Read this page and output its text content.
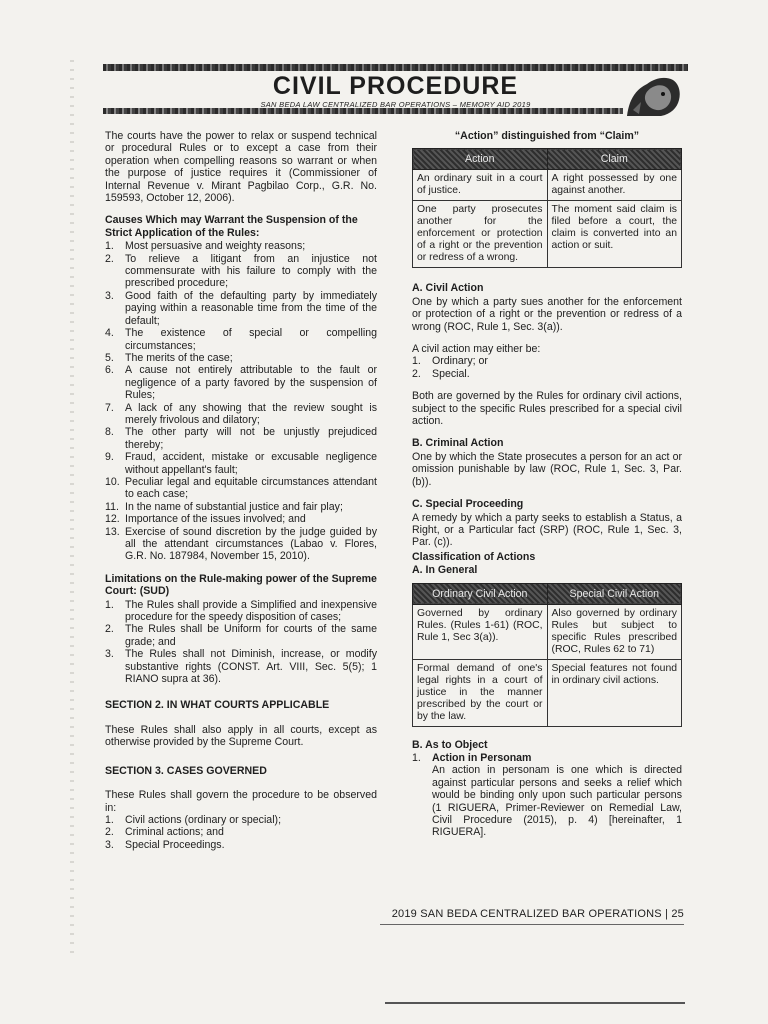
CIVIL PROCEDURE
SAN BEDA LAW CENTRALIZED BAR OPERATIONS – MEMORY AID 2019

The courts have the power to relax or suspend technical or procedural Rules or to except a case from their operation when compelling reasons so warrant or when the purpose of justice requires it (Commissioner of Internal Revenue v. Mirant Pagbilao Corp., G.R. No. 159593, October 12, 2006).

Causes Which may Warrant the Suspension of the Strict Application of the Rules:
1. Most persuasive and weighty reasons;
2. To relieve a litigant from an injustice not commensurate with his failure to comply with the prescribed procedure;
3. Good faith of the defaulting party by immediately paying within a reasonable time from the time of the default;
4. The existence of special or compelling circumstances;
5. The merits of the case;
6. A cause not entirely attributable to the fault or negligence of a party favored by the suspension of Rules;
7. A lack of any showing that the review sought is merely frivolous and dilatory;
8. The other party will not be unjustly prejudiced thereby;
9. Fraud, accident, mistake or excusable negligence without appellant's fault;
10. Peculiar legal and equitable circumstances attendant to each case;
11. In the name of substantial justice and fair play;
12. Importance of the issues involved; and
13. Exercise of sound discretion by the judge guided by all the attendant circumstances (Labao v. Flores, G.R. No. 187984, November 15, 2010).
Limitations on the Rule-making power of the Supreme Court: (SUD)
1. The Rules shall provide a Simplified and inexpensive procedure for the speedy disposition of cases;
2. The Rules shall be Uniform for courts of the same grade; and
3. The Rules shall not Diminish, increase, or modify substantive rights (CONST. Art. VIII, Sec. 5(5); 1 RIANO supra at 36).
SECTION 2. IN WHAT COURTS APPLICABLE

These Rules shall also apply in all courts, except as otherwise provided by the Supreme Court.

SECTION 3. CASES GOVERNED

These Rules shall govern the procedure to be observed in:

1. Civil actions (ordinary or special);
2. Criminal actions; and
3. Special Proceedings.
“Action” distinguished from “Claim”
Action	Claim
An ordinary suit in a court of justice.	A right possessed by one against another.
One party prosecutes another for the enforcement or protection of a right or the prevention or redress of a wrong.	The moment said claim is filed before a court, the claim is converted into an action or suit.
A. Civil Action

One by which a party sues another for the enforcement or protection of a right or the prevention or redress of a wrong (ROC, Rule 1, Sec. 3(a)).

A civil action may either be:

1. Ordinary; or
2. Special.

Both are governed by the Rules for ordinary civil actions, subject to the specific Rules prescribed for a special civil action.

B. Criminal Action

One by which the State prosecutes a person for an act or omission punishable by law (ROC, Rule 1, Sec. 3, Par. (b)).

C. Special Proceeding

A remedy by which a party seeks to establish a Status, a Right, or a Particular fact (SRP) (ROC, Rule 1, Sec. 3, Par. (c)).

Classification of Actions
A. In General
Ordinary Civil Action	Special Civil Action
Governed by ordinary Rules. (Rules 1-61) (ROC, Rule 1, Sec 3(a)).	Also governed by ordinary Rules but subject to specific Rules prescribed (ROC, Rules 62 to 71)
Formal demand of one's legal rights in a court of justice in the manner prescribed by the court or by the law.	Special features not found in ordinary civil actions.
B. As to Object
1. Action in Personam

An action in personam is one which is directed against particular persons and seeks a relief which would be binding only upon such particular persons (1 RIGUERA, Primer-Reviewer on Remedial Law, Civil Procedure (2015), p. 4) [hereinafter, 1 RIGUERA].

2019 SAN BEDA CENTRALIZED BAR OPERATIONS | 25
